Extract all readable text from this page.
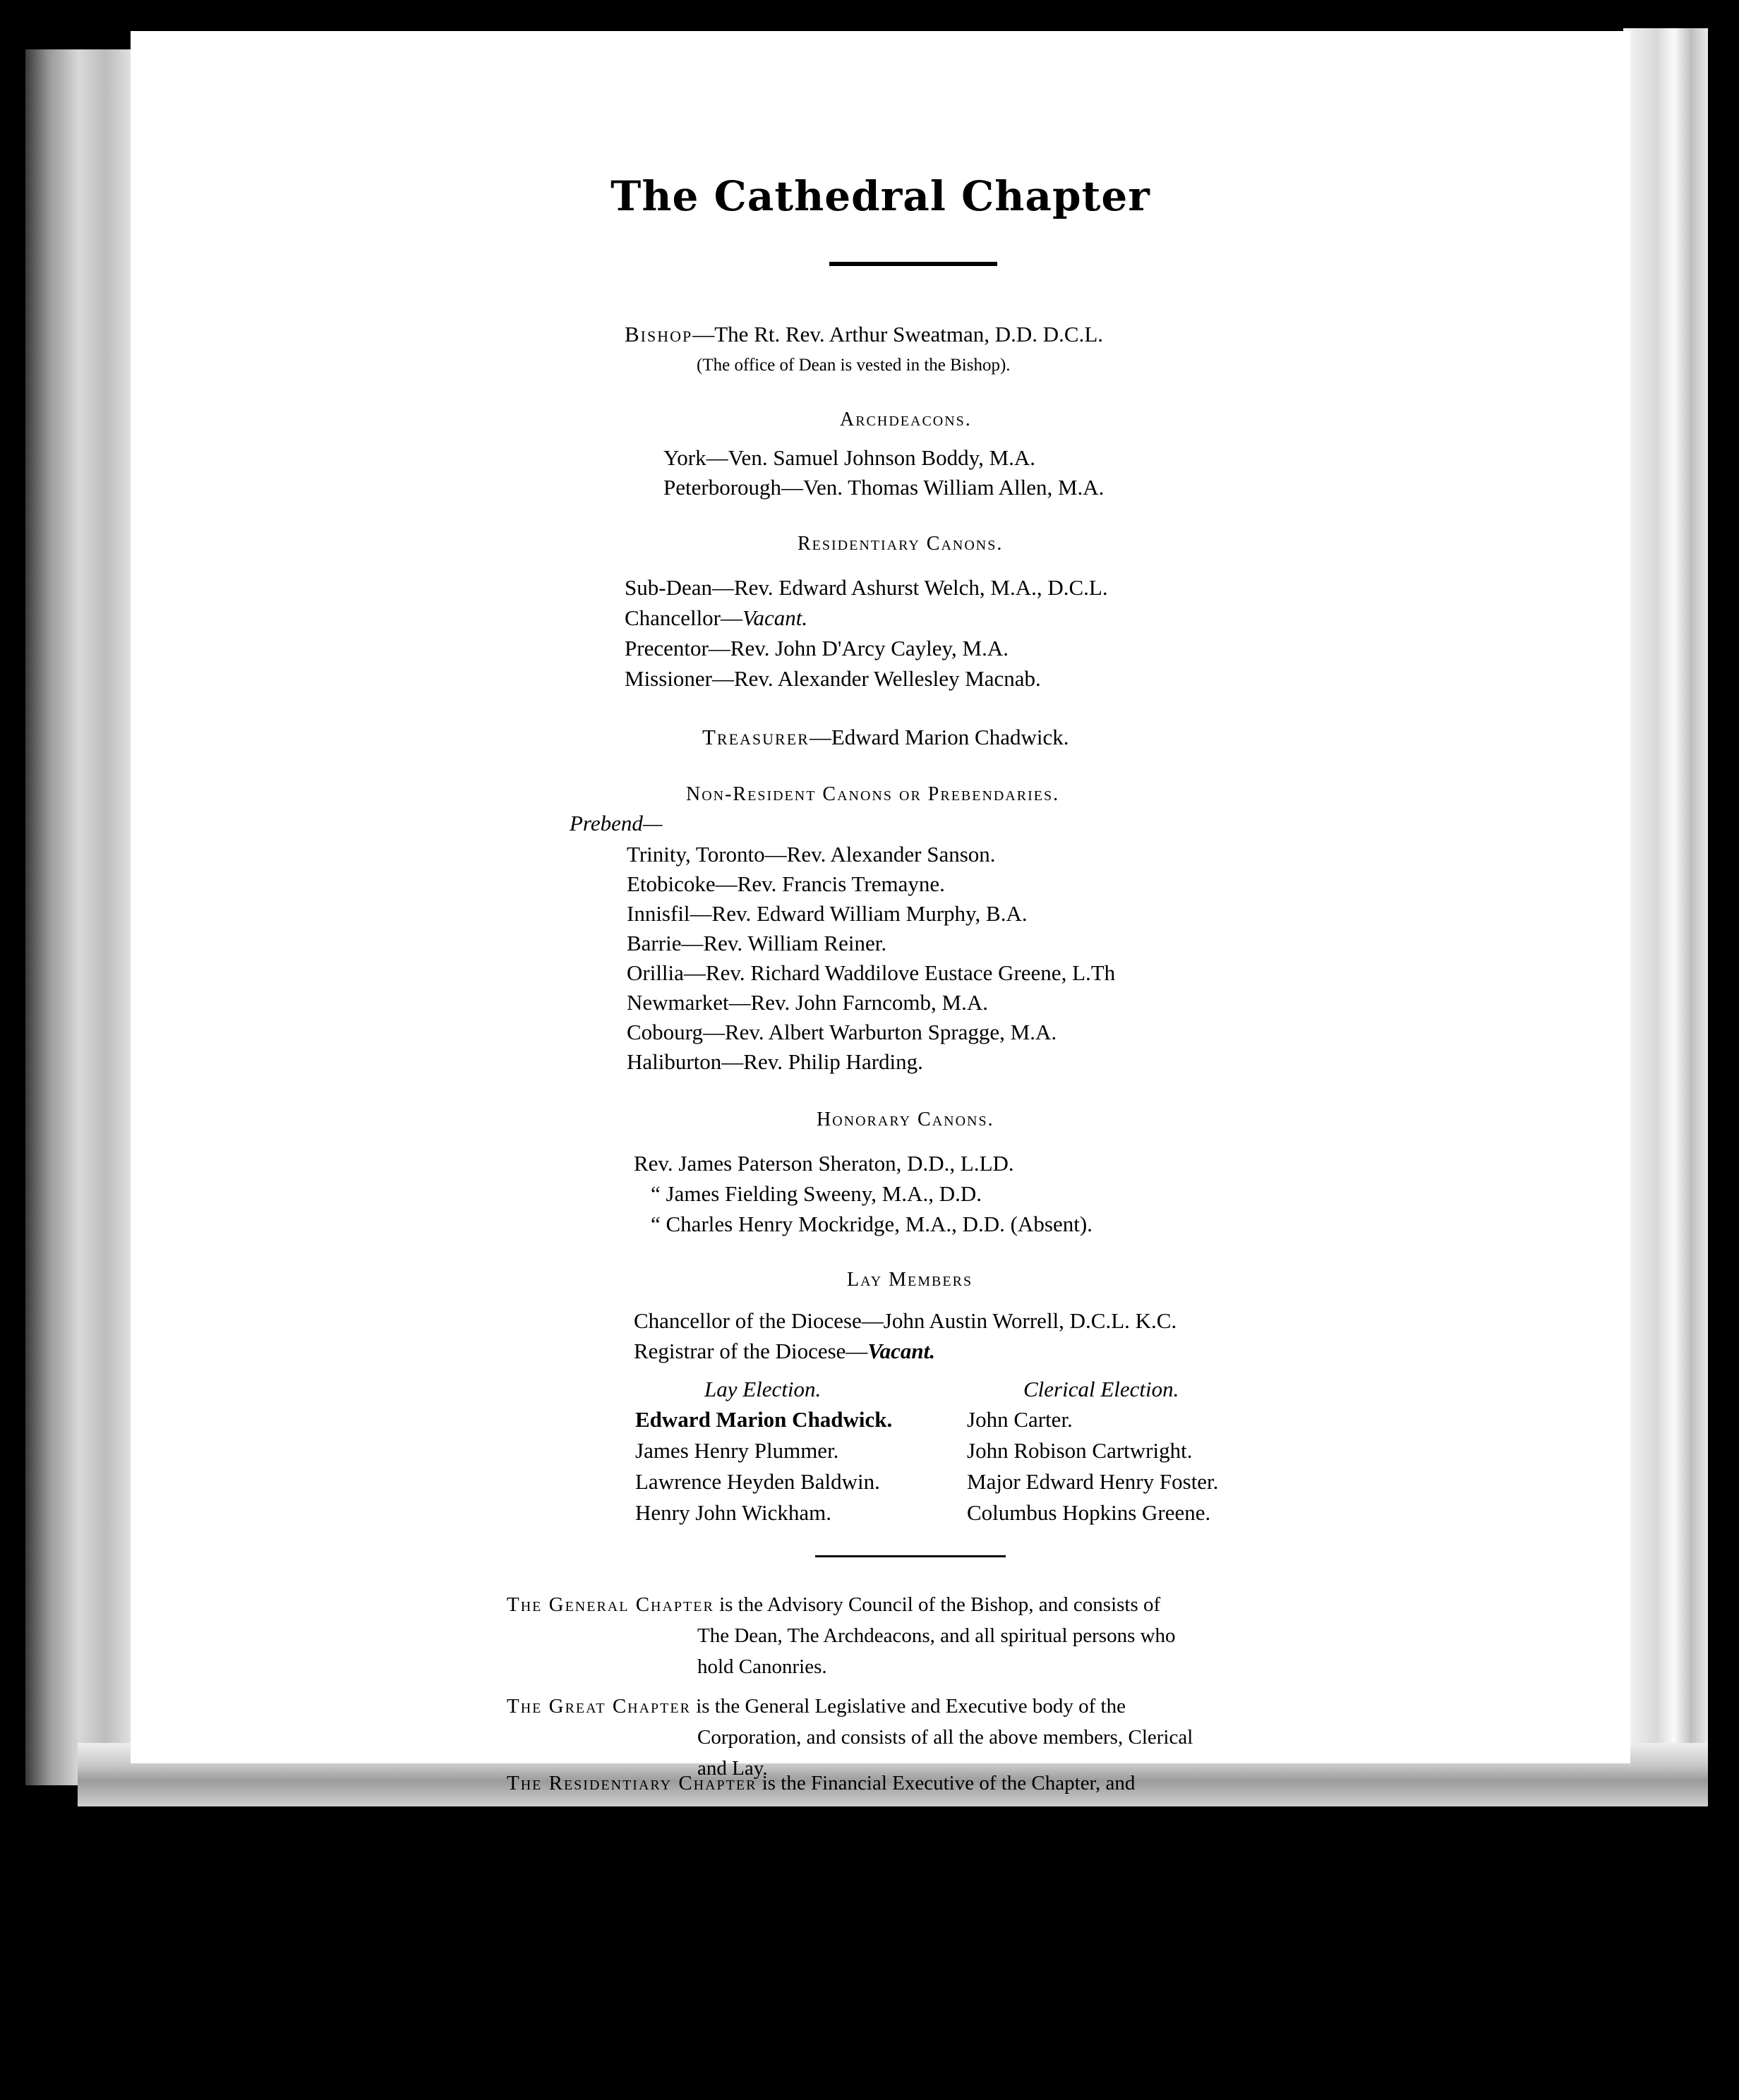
The Cathedral Chapter
Bishop—The Rt. Rev. Arthur Sweatman, D.D. D.C.L.
(The office of Dean is vested in the Bishop).
Archdeacons.
York—Ven. Samuel Johnson Boddy, M.A.
Peterborough—Ven. Thomas William Allen, M.A.
Residentiary Canons.
Sub-Dean—Rev. Edward Ashurst Welch, M.A., D.C.L.
Chancellor—Vacant.
Precentor—Rev. John D'Arcy Cayley, M.A.
Missioner—Rev. Alexander Wellesley Macnab.
Treasurer—Edward Marion Chadwick.
Non-Resident Canons or Prebendaries.
Prebend—
Trinity, Toronto—Rev. Alexander Sanson.
Etobicoke—Rev. Francis Tremayne.
Innisfil—Rev. Edward William Murphy, B.A.
Barrie—Rev. William Reiner.
Orillia—Rev. Richard Waddilove Eustace Greene, L.Th
Newmarket—Rev. John Farncomb, M.A.
Cobourg—Rev. Albert Warburton Spragge, M.A.
Haliburton—Rev. Philip Harding.
Honorary Canons.
Rev. James Paterson Sheraton, D.D., L.LD.
“ James Fielding Sweeny, M.A., D.D.
“ Charles Henry Mockridge, M.A., D.D. (Absent).
Lay Members
Chancellor of the Diocese—John Austin Worrell, D.C.L. K.C.
Registrar of the Diocese—Vacant.
Lay Election.	Clerical Election.
Edward Marion Chadwick.
James Henry Plummer.
Lawrence Heyden Baldwin.
Henry John Wickham.
John Carter.
John Robison Cartwright.
Major Edward Henry Foster.
Columbus Hopkins Greene.
The General Chapter is the Advisory Council of the Bishop, and consists of
The Dean, The Archdeacons, and all spiritual persons who
hold Canonries.
The Great Chapter is the General Legislative and Executive body of the
Corporation, and consists of all the above members, Clerical
and Lay.
The Residentiary Chapter is the Financial Executive of the Chapter, and
consists of the Dean, The Archdeacons, The Residentiary
Canons, and the Lay Members.
